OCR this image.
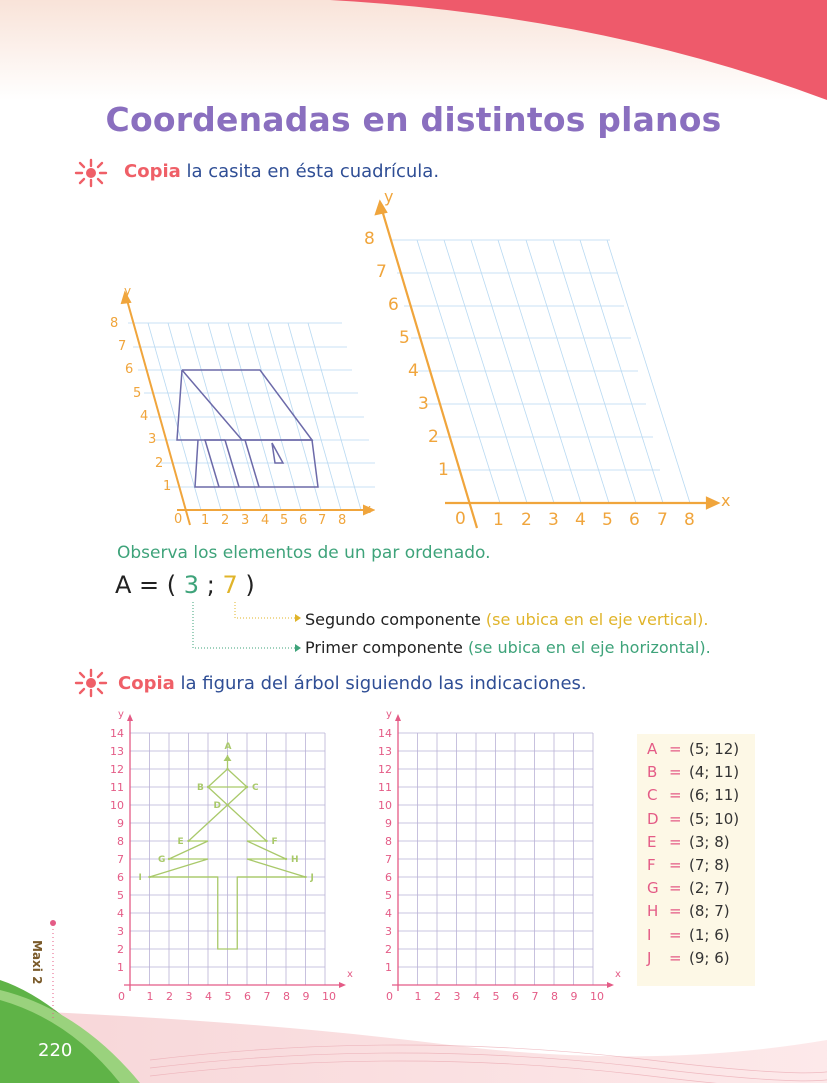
Coordenadas en distintos planos
Copia la casita en ésta cuadrícula.
y
x
8
7
6
5
4
3
2
1
0 1 2 3 4 5 6 7 8
y
x
8
7
6
5
4
3
2
1
0 1 2 3 4 5 6 7 8
Observa los elementos de un par ordenado.
A = ( 3 ; 7 )
Segundo componente (se ubica en el eje vertical).
Primer componente (se ubica en el eje horizontal).
Copia la figura del árbol siguiendo las indicaciones.
y
x
0 1 2 3 4 5 6 7 8 9 10
1
2
3
4
5
6
7
8
9
10
11
12
13
14
A
B	C
D
E	F
G	H
I	J
y
x
0 1 2 3 4 5 6 7 8 9 10
1
2
3
4
5
6
7
8
9
10
11
12
13
14
A = (5; 12)
B = (4; 11)
C = (6; 11)
D = (5; 10)
E = (3; 8)
F = (7; 8)
G = (2; 7)
H = (8; 7)
I = (1; 6)
J = (9; 6)
Maxi 2
220
